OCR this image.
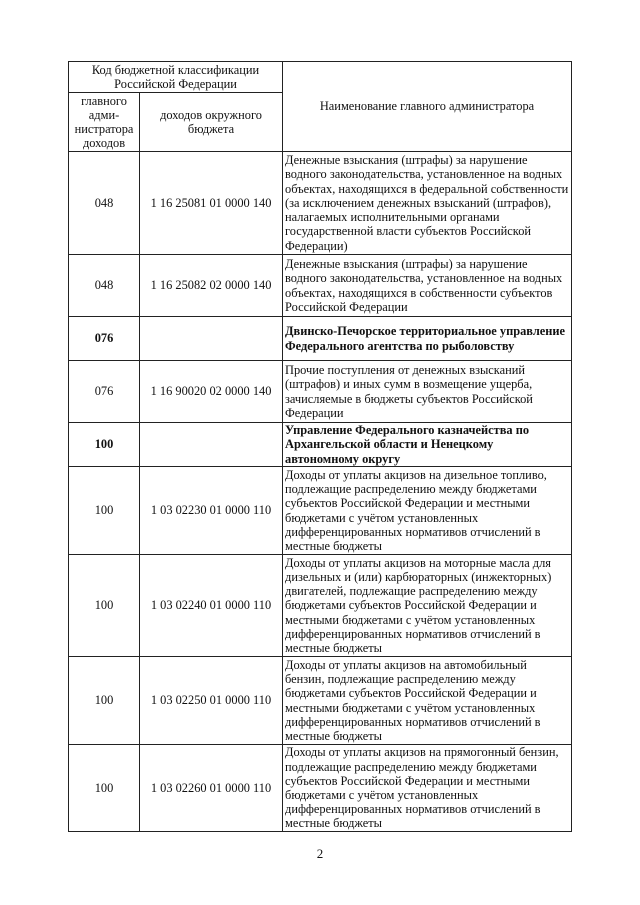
Код бюджетной классификации Российской Федерации		Наименование главного администратора
главного адми-нистратора доходов	доходов окружного бюджета	
048	1 16 25081 01 0000 140	Денежные взыскания (штрафы) за нарушение водного законодательства, установленное на водных объектах, находящихся в федеральной собственности (за исключением денежных взысканий (штрафов), налагаемых исполнительными органами государственной власти субъектов Российской Федерации)
048	1 16 25082 02 0000 140	Денежные взыскания (штрафы) за нарушение водного законодательства, установленное на водных объектах, находящихся в собственности субъектов Российской Федерации
076		Двинско-Печорское территориальное управление Федерального агентства по рыболовству
076	1 16 90020 02 0000 140	Прочие поступления от денежных взысканий (штрафов) и иных сумм в возмещение ущерба, зачисляемые в бюджеты субъектов Российской Федерации
100		Управление Федерального казначейства по Архангельской области и Ненецкому автономному округу
100	1 03 02230 01 0000 110	Доходы от уплаты акцизов на дизельное топливо, подлежащие распределению между бюджетами субъектов Российской Федерации и местными бюджетами с учётом установленных дифференцированных нормативов отчислений в местные бюджеты
100	1 03 02240 01 0000 110	Доходы от уплаты акцизов на моторные масла для дизельных и (или) карбюраторных (инжекторных) двигателей, подлежащие распределению между бюджетами субъектов Российской Федерации и местными бюджетами с учётом установленных дифференцированных нормативов отчислений в местные бюджеты
100	1 03 02250 01 0000 110	Доходы от уплаты акцизов на автомобильный бензин, подлежащие распределению между бюджетами субъектов Российской Федерации и местными бюджетами с учётом установленных дифференцированных нормативов отчислений в местные бюджеты
100	1 03 02260 01 0000 110	Доходы от уплаты акцизов на прямогонный бензин, подлежащие распределению между бюджетами субъектов Российской Федерации и местными бюджетами с учётом установленных дифференцированных нормативов отчислений в местные бюджеты
2
